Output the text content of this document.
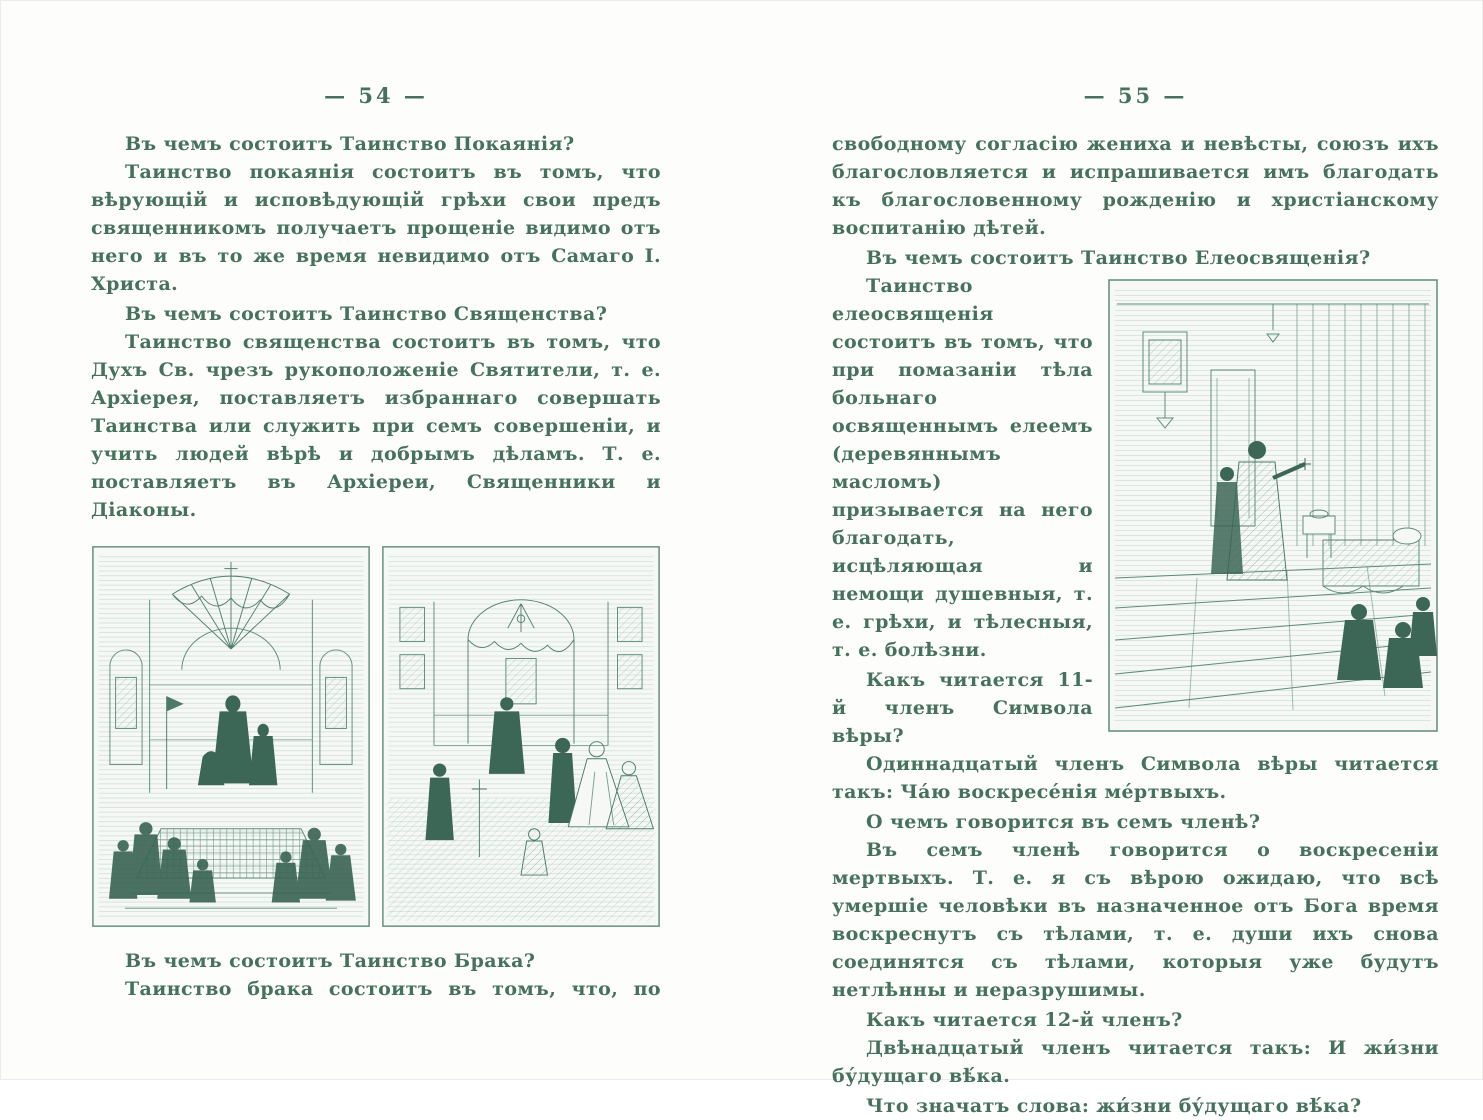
— 54 —

Въ чемъ состоитъ Таинство Покаянія?

Таинство покаянія состоитъ въ томъ, что вѣрующій и исповѣдующій грѣхи свои предъ священникомъ получаетъ прощеніе видимо отъ него и въ то же время невидимо отъ Самаго І. Христа.

Въ чемъ состоитъ Таинство Священства?

Таинство священства состоитъ въ томъ, что Духъ Св. чрезъ рукоположеніе Святители, т. е. Архіерея, поставляетъ избраннаго совершать Таинства или служить при семъ совершеніи, и учить людей вѣрѣ и добрымъ дѣламъ. Т. е. поставляетъ въ Архіереи, Священники и Діаконы.

Въ чемъ состоитъ Таинство Брака?

Таинство брака состоитъ въ томъ, что, по

— 55 —

свободному согласію жениха и невѣсты, союзъ ихъ благословляется и испрашивается имъ благодать къ благословенному рожденію и христіанскому воспитанію дѣтей.

Въ чемъ состоитъ Таинство Елеосвященія?

Таинство елеосвященія состоитъ въ томъ, что при помазаніи тѣла больнаго освященнымъ елеемъ (деревяннымъ масломъ) призывается на него благодать, исцѣляющая и немощи душевныя, т. е. грѣхи, и тѣлесныя, т. е. болѣзни.

Какъ читается 11-й членъ Символа вѣры?

Одиннадцатый членъ Символа вѣры читается такъ: Ча́ю воскресе́нія ме́ртвыхъ.

О чемъ говорится въ семъ членѣ?

Въ семъ членѣ говорится о воскресеніи мертвыхъ. Т. е. я съ вѣрою ожидаю, что всѣ умершіе человѣки въ назначенное отъ Бога время воскреснутъ съ тѣлами, т. е. души ихъ снова соединятся съ тѣлами, которыя уже будутъ нетлѣнны и неразрушимы.

Какъ читается 12-й членъ?

Двѣнадцатый членъ читается такъ: И жи́зни бу́дущаго вѣ́ка.

Что значатъ слова: жи́зни бу́дущаго вѣ́ка?
